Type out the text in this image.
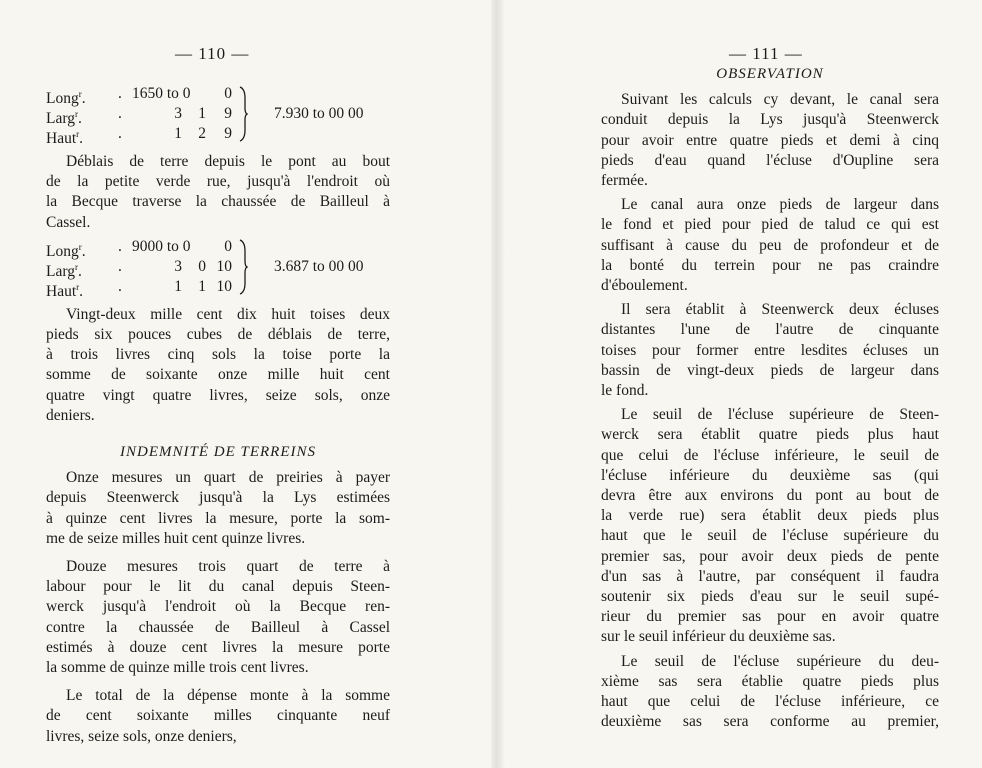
— 110 —
Long$^r$.	. 1650 to 0	0
Larg$^r$.	.	3	1	9
Haut$^r$.	.	1	2	9
7.930 to 00 00
Déblais de terre depuis le pont au bout
de la petite verde rue, jusqu'à l'endroit où
la Becque traverse la chaussée de Bailleul à
Cassel.
Long$^r$.	. 9000 to 0	0
Larg$^r$.	.	3	0 10
Haut$^r$.	.	1	1 10
3.687 to 00 00
Vingt-deux mille cent dix huit toises deux
pieds six pouces cubes de déblais de terre,
à trois livres cinq sols la toise porte la
somme de soixante onze mille huit cent
quatre vingt quatre livres, seize sols, onze
deniers.
INDEMNITÉ DE TERREINS
Onze mesures un quart de preiries à payer
depuis Steenwerck jusqu'à la Lys estimées
à quinze cent livres la mesure, porte la som-
me de seize milles huit cent quinze livres.
Douze mesures trois quart de terre à
labour pour le lit du canal depuis Steen-
werck jusqu'à l'endroit où la Becque ren-
contre la chaussée de Bailleul à Cassel
estimés à douze cent livres la mesure porte
la somme de quinze mille trois cent livres.
Le total de la dépense monte à la somme
de cent soixante milles cinquante neuf
livres, seize sols, onze deniers,
— 111 —
OBSERVATION
Suivant les calculs cy devant, le canal sera
conduit depuis la Lys jusqu'à Steenwerck
pour avoir entre quatre pieds et demi à cinq
pieds d'eau quand l'écluse d'Oupline sera
fermée.
Le canal aura onze pieds de largeur dans
le fond et pied pour pied de talud ce qui est
suffisant à cause du peu de profondeur et de
la bonté du terrein pour ne pas craindre
d'éboulement.
Il sera établit à Steenwerck deux écluses
distantes l'une de l'autre de cinquante
toises pour former entre lesdites écluses un
bassin de vingt-deux pieds de largeur dans
le fond.
Le seuil de l'écluse supérieure de Steen-
werck sera établit quatre pieds plus haut
que celui de l'écluse inférieure, le seuil de
l'écluse inférieure du deuxième sas (qui
devra être aux environs du pont au bout de
la verde rue) sera établit deux pieds plus
haut que le seuil de l'écluse supérieure du
premier sas, pour avoir deux pieds de pente
d'un sas à l'autre, par conséquent il faudra
soutenir six pieds d'eau sur le seuil supé-
rieur du premier sas pour en avoir quatre
sur le seuil inférieur du deuxième sas.
Le seuil de l'écluse supérieure du deu-
xième sas sera établie quatre pieds plus
haut que celui de l'écluse inférieure, ce
deuxième sas sera conforme au premier,
